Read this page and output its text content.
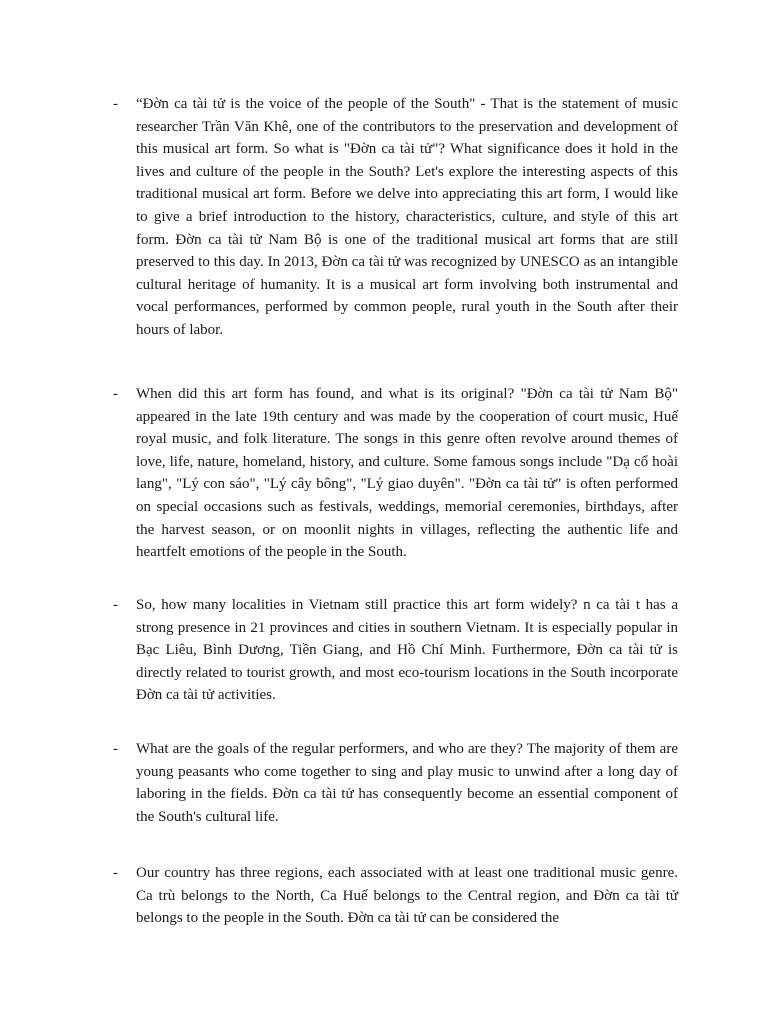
- “Đờn ca tài tử is the voice of the people of the South" - That is the statement of music researcher Trần Văn Khê, one of the contributors to the preservation and development of this musical art form. So what is "Đờn ca tài tử"? What significance does it hold in the lives and culture of the people in the South? Let's explore the interesting aspects of this traditional musical art form. Before we delve into appreciating this art form, I would like to give a brief introduction to the history, characteristics, culture, and style of this art form. Đờn ca tài tử Nam Bộ is one of the traditional musical art forms that are still preserved to this day. In 2013, Đờn ca tài tử was recognized by UNESCO as an intangible cultural heritage of humanity. It is a musical art form involving both instrumental and vocal performances, performed by common people, rural youth in the South after their hours of labor.

- When did this art form has found, and what is its original? "Đờn ca tài tử Nam Bộ" appeared in the late 19th century and was made by the cooperation of court music, Huế royal music, and folk literature. The songs in this genre often revolve around themes of love, life, nature, homeland, history, and culture. Some famous songs include "Dạ cổ hoài lang", "Lý con sáo", "Lý cây bông", "Lý giao duyên". "Đờn ca tài tử" is often performed on special occasions such as festivals, weddings, memorial ceremonies, birthdays, after the harvest season, or on moonlit nights in villages, reflecting the authentic life and heartfelt emotions of the people in the South.

- So, how many localities in Vietnam still practice this art form widely? n ca tài t has a strong presence in 21 provinces and cities in southern Vietnam. It is especially popular in Bạc Liêu, Bình Dương, Tiền Giang, and Hồ Chí Minh. Furthermore, Đờn ca tài tử is directly related to tourist growth, and most eco-tourism locations in the South incorporate Đờn ca tài tử activities.

- What are the goals of the regular performers, and who are they? The majority of them are young peasants who come together to sing and play music to unwind after a long day of laboring in the fields. Đờn ca tài tử has consequently become an essential component of the South's cultural life.

- Our country has three regions, each associated with at least one traditional music genre. Ca trù belongs to the North, Ca Huế belongs to the Central region, and Đờn ca tài tử belongs to the people in the South. Đờn ca tài tử can be considered the
